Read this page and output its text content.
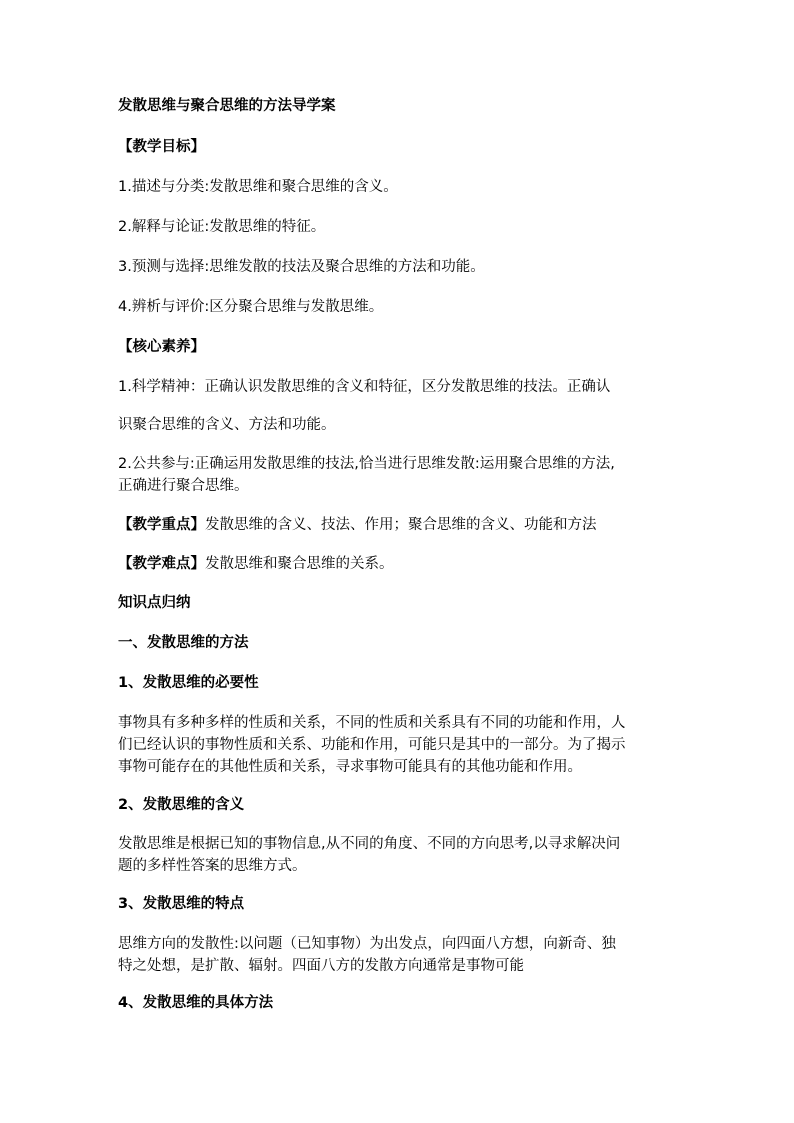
发散思维与聚合思维的方法导学案
【教学目标】
1.描述与分类:发散思维和聚合思维的含义。
2.解释与论证:发散思维的特征。
3.预测与选择:思维发散的技法及聚合思维的方法和功能。
4.辨析与评价:区分聚合思维与发散思维。
【核心素养】
1.科学精神：正确认识发散思维的含义和特征，区分发散思维的技法。正确认
识聚合思维的含义、方法和功能。
2.公共参与:正确运用发散思维的技法,恰当进行思维发散:运用聚合思维的方法,
正确进行聚合思维。
【教学重点】发散思维的含义、技法、作用；聚合思维的含义、功能和方法
【教学难点】发散思维和聚合思维的关系。
知识点归纳
一、发散思维的方法
1、发散思维的必要性
事物具有多种多样的性质和关系，不同的性质和关系具有不同的功能和作用，人
们已经认识的事物性质和关系、功能和作用，可能只是其中的一部分。为了揭示
事物可能存在的其他性质和关系，寻求事物可能具有的其他功能和作用。
2、发散思维的含义
发散思维是根据已知的事物信息,从不同的角度、不同的方向思考,以寻求解决问
题的多样性答案的思维方式。
3、发散思维的特点
思维方向的发散性:以问题（已知事物）为出发点，向四面八方想，向新奇、独
特之处想，是扩散、辐射。四面八方的发散方向通常是事物可能
4、发散思维的具体方法
